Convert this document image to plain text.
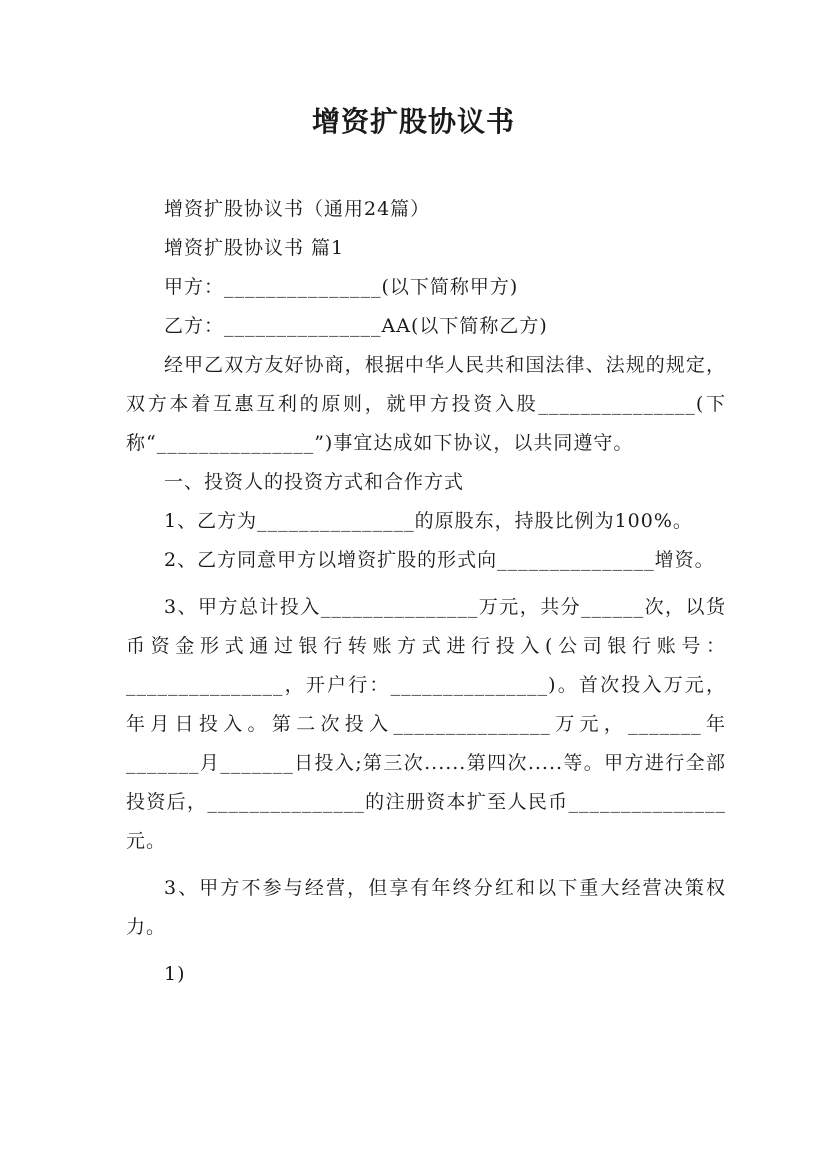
增资扩股协议书

增资扩股协议书（通用24篇）

增资扩股协议书 篇1

甲方：_______________(以下简称甲方)

乙方：_______________AA(以下简称乙方)

经甲乙双方友好协商，根据中华人民共和国法律、法规的规定，双方本着互惠互利的原则，就甲方投资入股_______________(下称“_______________”)事宜达成如下协议，以共同遵守。

一、投资人的投资方式和合作方式

1、乙方为_______________的原股东，持股比例为100%。

2、乙方同意甲方以增资扩股的形式向_______________增资。

3、甲方总计投入_______________万元，共分______次，以货币资金形式通过银行转账方式进行投入(公司银行账号：_______________，开户行：_______________)。首次投入万元，年月日投入。第二次投入_______________万元，_______年_______月_______日投入;第三次......第四次.....等。甲方进行全部投资后，_______________的注册资本扩至人民币_______________元。

3、甲方不参与经营，但享有年终分红和以下重大经营决策权力。

1)
